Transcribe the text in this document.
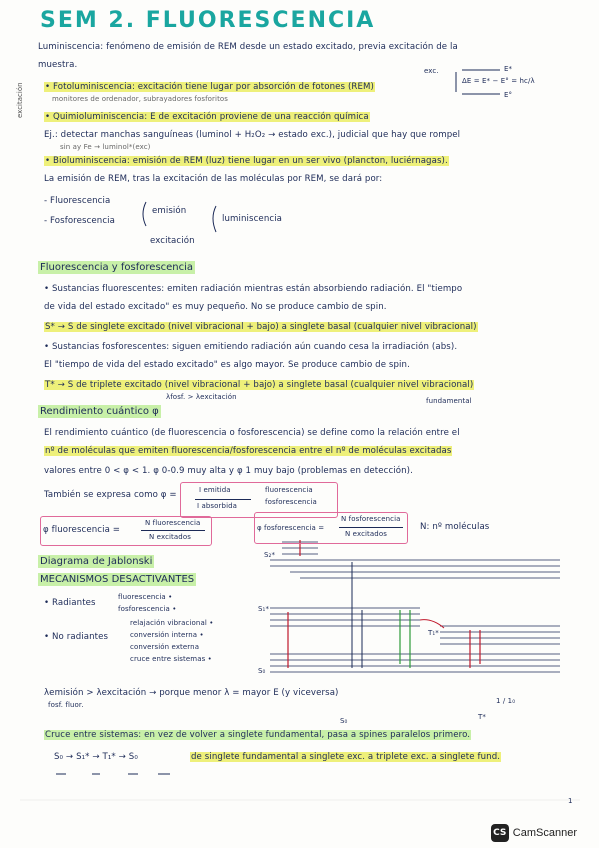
SEM 2. FLUORESCENCIA
excitación
Luminiscencia: fenómeno de emisión de REM desde un estado excitado, previa excitación de la
muestra.
exc.
ΔE = E* − E° = hc/λ
E*
E°
• Fotoluminiscencia: excitación tiene lugar por absorción de fotones (REM)
monitores de ordenador, subrayadores fosforitos
• Quimioluminiscencia: E de excitación proviene de una reacción química
Ej.: detectar manchas sanguíneas (luminol + H₂O₂ → estado exc.), judicial que hay que rompel
sin ay Fe → luminol*(exc)
• Bioluminiscencia: emisión de REM (luz) tiene lugar en un ser vivo (plancton, luciérnagas).
La emisión de REM, tras la excitación de las moléculas por REM, se dará por:
- Fluorescencia
emisión
- Fosforescencia	luminiscencia
excitación
Fluorescencia y fosforescencia
• Sustancias fluorescentes: emiten radiación mientras están absorbiendo radiación. El "tiempo
de vida del estado excitado" es muy pequeño. No se produce cambio de spin.
S* → S de singlete excitado (nivel vibracional + bajo) a singlete basal (cualquier nivel vibracional)
• Sustancias fosforescentes: siguen emitiendo radiación aún cuando cesa la irradiación (abs).
El "tiempo de vida del estado excitado" es algo mayor. Se produce cambio de spin.
T* → S de triplete excitado (nivel vibracional + bajo) a singlete basal (cualquier nivel vibracional)
λfosf. > λexcitación	fundamental
Rendimiento cuántico φ
El rendimiento cuántico (de fluorescencia o fosforescencia) se define como la relación entre el
nº de moléculas que emiten fluorescencia/fosforescencia entre el nº de moléculas excitadas
valores entre 0 < φ < 1. φ 0-0.9 muy alta y φ 1 muy bajo (problemas en detección).
También se expresa como φ =	I emitida
I absorbida
fluorescencia
fosforescencia
φ fluorescencia =
N fluorescencia
N excitados
φ fosforescencia =
N fosforescencia
N excitados
N: nº moléculas
Diagrama de Jablonski
MECANISMOS DESACTIVANTES
• Radiantes
fluorescencia •
fosforescencia •
• No radiantes
relajación vibracional •
conversión interna •
conversión externa
cruce entre sistemas •
S₂*
S₁*
T₁*
S₀
λemisión > λexcitación → porque menor λ = mayor E (y viceversa)
fosf. fluor.	1 / 1₀
T*
S₀
Cruce entre sistemas: en vez de volver a singlete fundamental, pasa a spines paralelos primero.
S₀ → S₁* → T₁* → S₀	de singlete fundamental a singlete exc. a triplete exc. a singlete fund.
1
CS CamScanner
